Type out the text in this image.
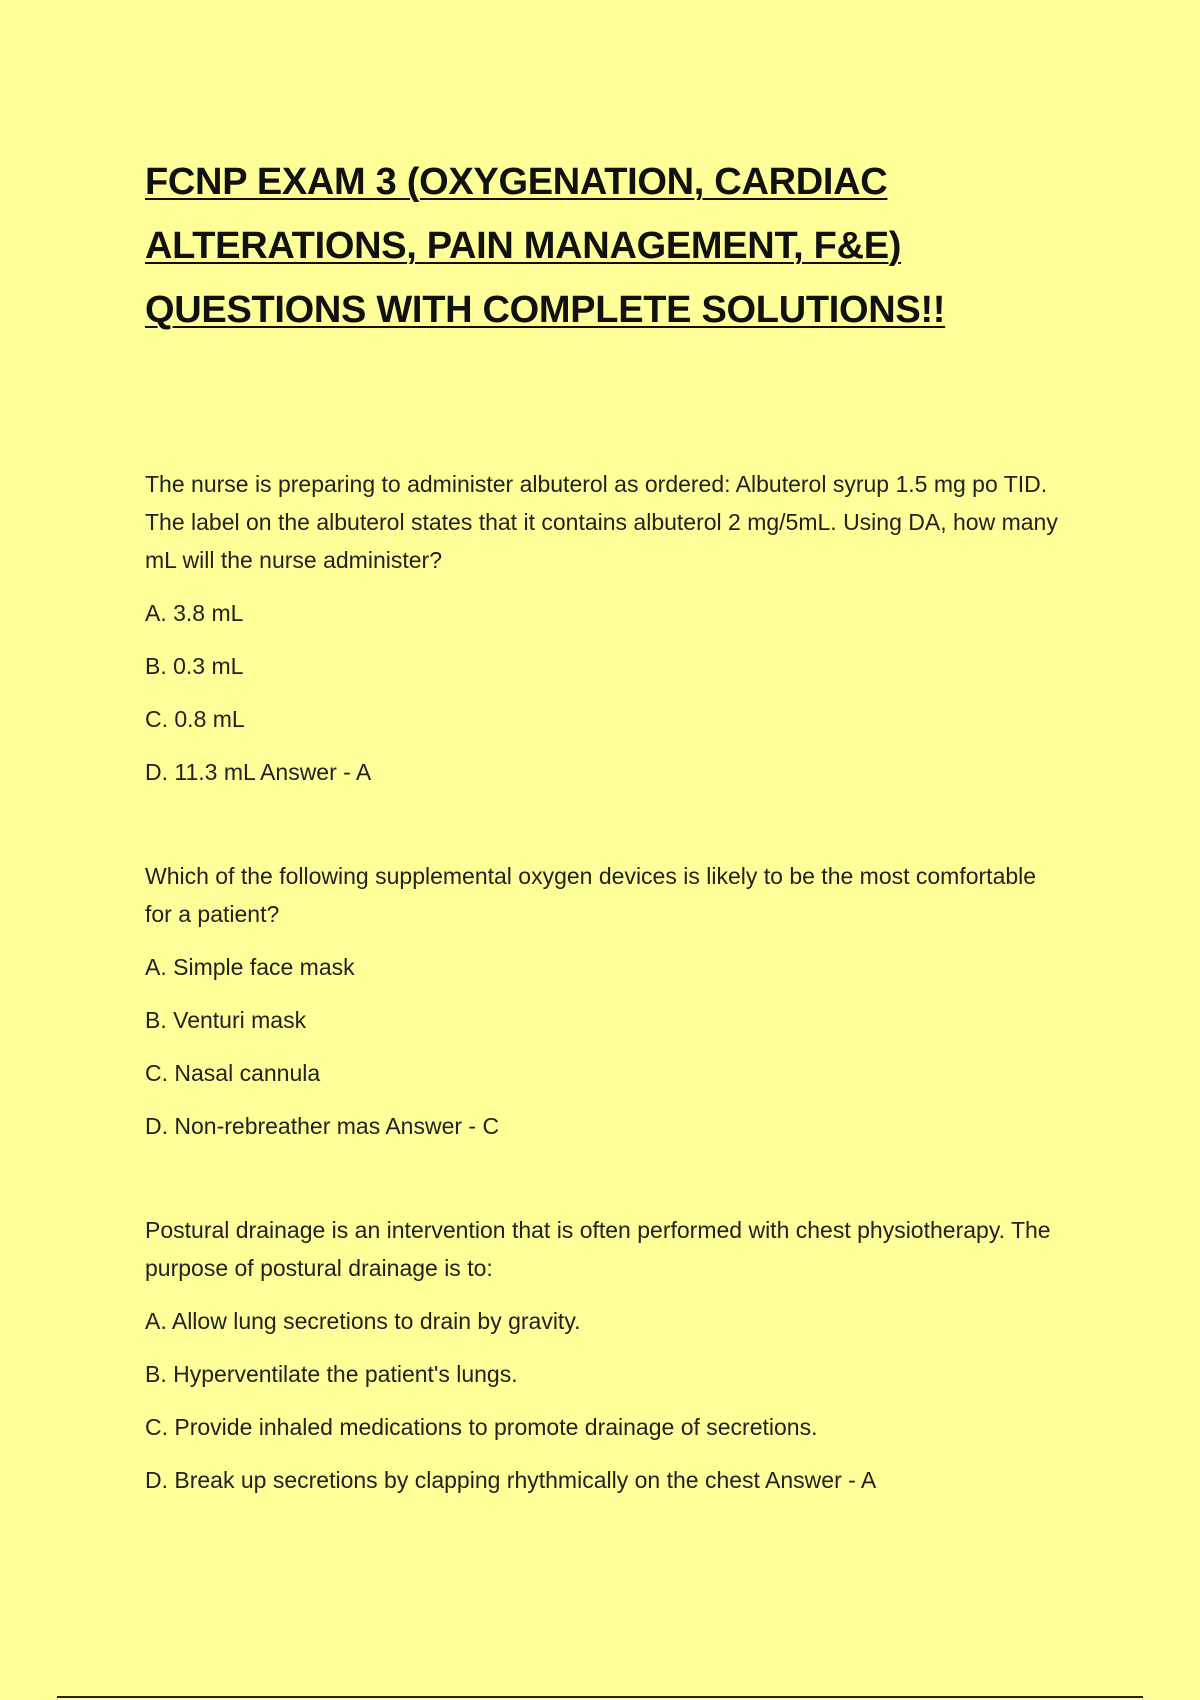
FCNP EXAM 3 (OXYGENATION, CARDIAC
ALTERATIONS, PAIN MANAGEMENT, F&E)
QUESTIONS WITH COMPLETE SOLUTIONS!!

The nurse is preparing to administer albuterol as ordered: Albuterol syrup 1.5 mg po TID. The label on the albuterol states that it contains albuterol 2 mg/5mL. Using DA, how many mL will the nurse administer?

A. 3.8 mL

B. 0.3 mL

C. 0.8 mL

D. 11.3 mL Answer - A

Which of the following supplemental oxygen devices is likely to be the most comfortable for a patient?

A. Simple face mask

B. Venturi mask

C. Nasal cannula

D. Non-rebreather mas Answer - C

Postural drainage is an intervention that is often performed with chest physiotherapy. The purpose of postural drainage is to:

A. Allow lung secretions to drain by gravity.

B. Hyperventilate the patient's lungs.

C. Provide inhaled medications to promote drainage of secretions.

D. Break up secretions by clapping rhythmically on the chest Answer - A
